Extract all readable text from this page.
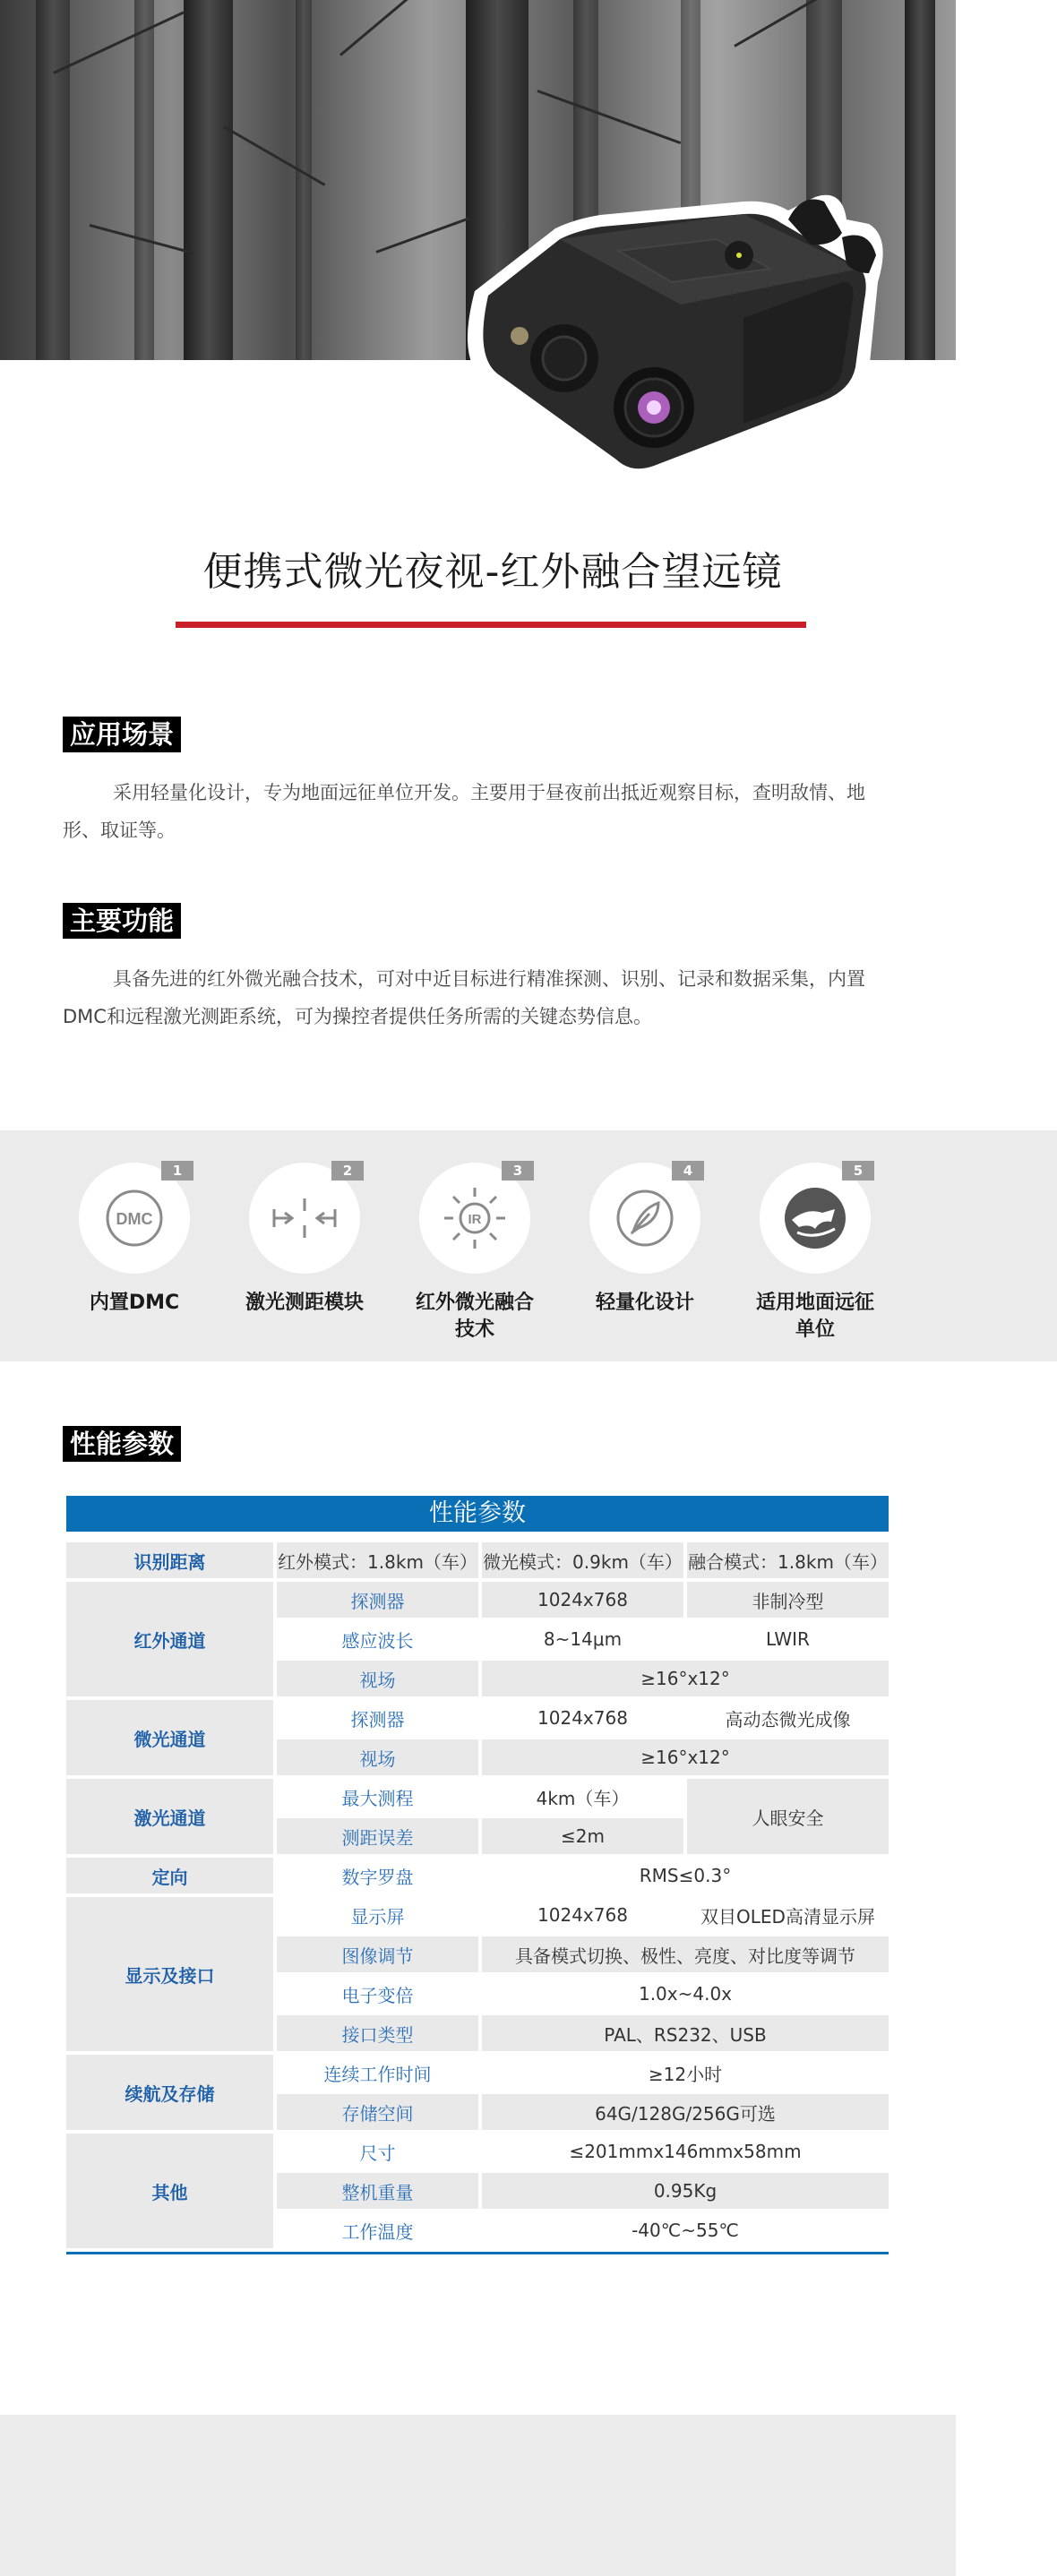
便携式微光夜视-红外融合望远镜
应用场景
采用轻量化设计，专为地面远征单位开发。主要用于昼夜前出抵近观察目标，查明敌情、地形、取证等。
主要功能
具备先进的红外微光融合技术，可对中近目标进行精准探测、识别、记录和数据采集，内置DMC和远程激光测距系统，可为操控者提供任务所需的关键态势信息。
DMC
1
内置DMC
2
激光测距模块
IR
3
红外微光融合
技术
4
轻量化设计
5
适用地面远征
单位
性能参数
性能参数
识别距离	红外模式：1.8km（车） 微光模式：0.9km（车） 融合模式：1.8km（车）
红外通道
探测器	1024x768	非制冷型
感应波长	8~14μm	LWIR
视场	≥16°x12°
微光通道
探测器	1024x768	高动态微光成像
视场	≥16°x12°
激光通道
最大测程	4km（车）
人眼安全
测距误差	≤2m
定向	数字罗盘	RMS≤0.3°
显示及接口
显示屏	1024x768	双目OLED高清显示屏
图像调节	具备模式切换、极性、亮度、对比度等调节
电子变倍	1.0x~4.0x
接口类型	PAL、RS232、USB
续航及存储
连续工作时间	≥12小时
存储空间	64G/128G/256G可选
其他
尺寸	≤201mmx146mmx58mm
整机重量	0.95Kg
工作温度	-40℃~55℃
